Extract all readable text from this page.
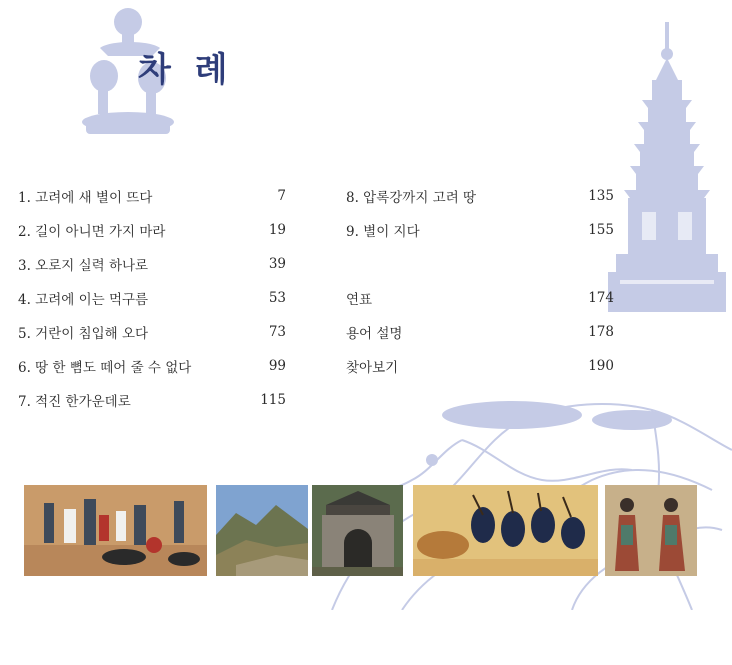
차 례
1. 고려에 새 별이 뜨다	7
2. 길이 아니면 가지 마라	19
3. 오로지 실력 하나로	39
4. 고려에 이는 먹구름	53
5. 거란이 침입해 오다	73
6. 땅 한 뼘도 떼어 줄 수 없다	99
7. 적진 한가운데로	115
8. 압록강까지 고려 땅	135
9. 별이 지다	155
연표	174
용어 설명	178
찾아보기	190
